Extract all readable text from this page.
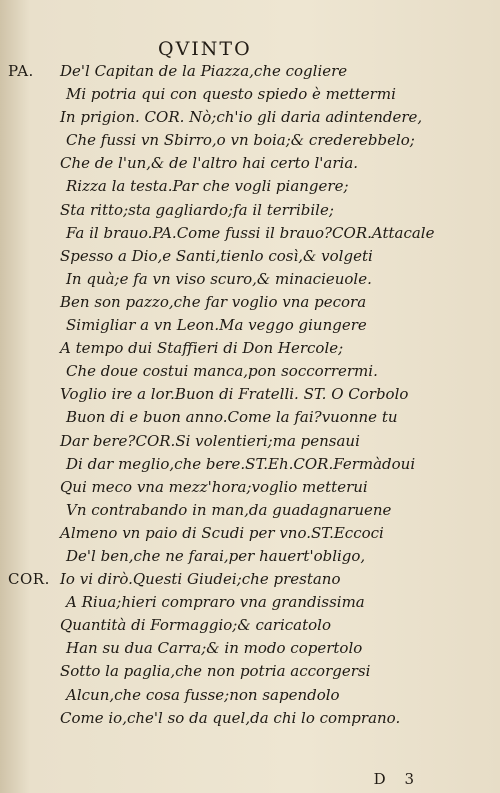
QVINTO
PA. De'l Capitan de la Piazza,che cogliere
Mi potria qui con questo spiedo è mettermi
In prigion. COR. Nò;ch'io gli daria adintendere,
Che fussi vn Sbirro,o vn boia;& crederebbelo;
Che de l'un,& de l'altro hai certo l'aria.
Rizza la testa.Par che vogli piangere;
Sta ritto;sta gagliardo;fa il terribile;
Fa il brauo.PA.Come fussi il brauo?COR.Attacale
Spesso a Dio,e Santi,tienlo così,& volgeti
In quà;e fa vn viso scuro,& minacieuole.
Ben son pazzo,che far voglio vna pecora
Simigliar a vn Leon.Ma veggo giungere
A tempo dui Staffieri di Don Hercole;
Che doue costui manca,pon soccorrermi.
Voglio ire a lor.Buon di Fratelli. ST. O Corbolo
Buon di e buon anno.Come la fai?vuonne tu
Dar bere?COR.Si volentieri;ma pensaui
Di dar meglio,che bere.ST.Eh.COR.Fermàdoui
Qui meco vna mezz'hora;voglio metterui
Vn contrabando in man,da guadagnaruene
Almeno vn paio di Scudi per vno.ST.Eccoci
De'l ben,che ne farai,per hauert'obligo,
COR. Io vi dirò.Questi Giudei;che prestano
A Riua;hieri compraro vna grandissima
Quantità di Formaggio;& caricatolo
Han su dua Carra;& in modo copertolo
Sotto la paglia,che non potria accorgersi
Alcun,che cosa fusse;non sapendolo
Come io,che'l so da quel,da chi lo comprano.
D 3
